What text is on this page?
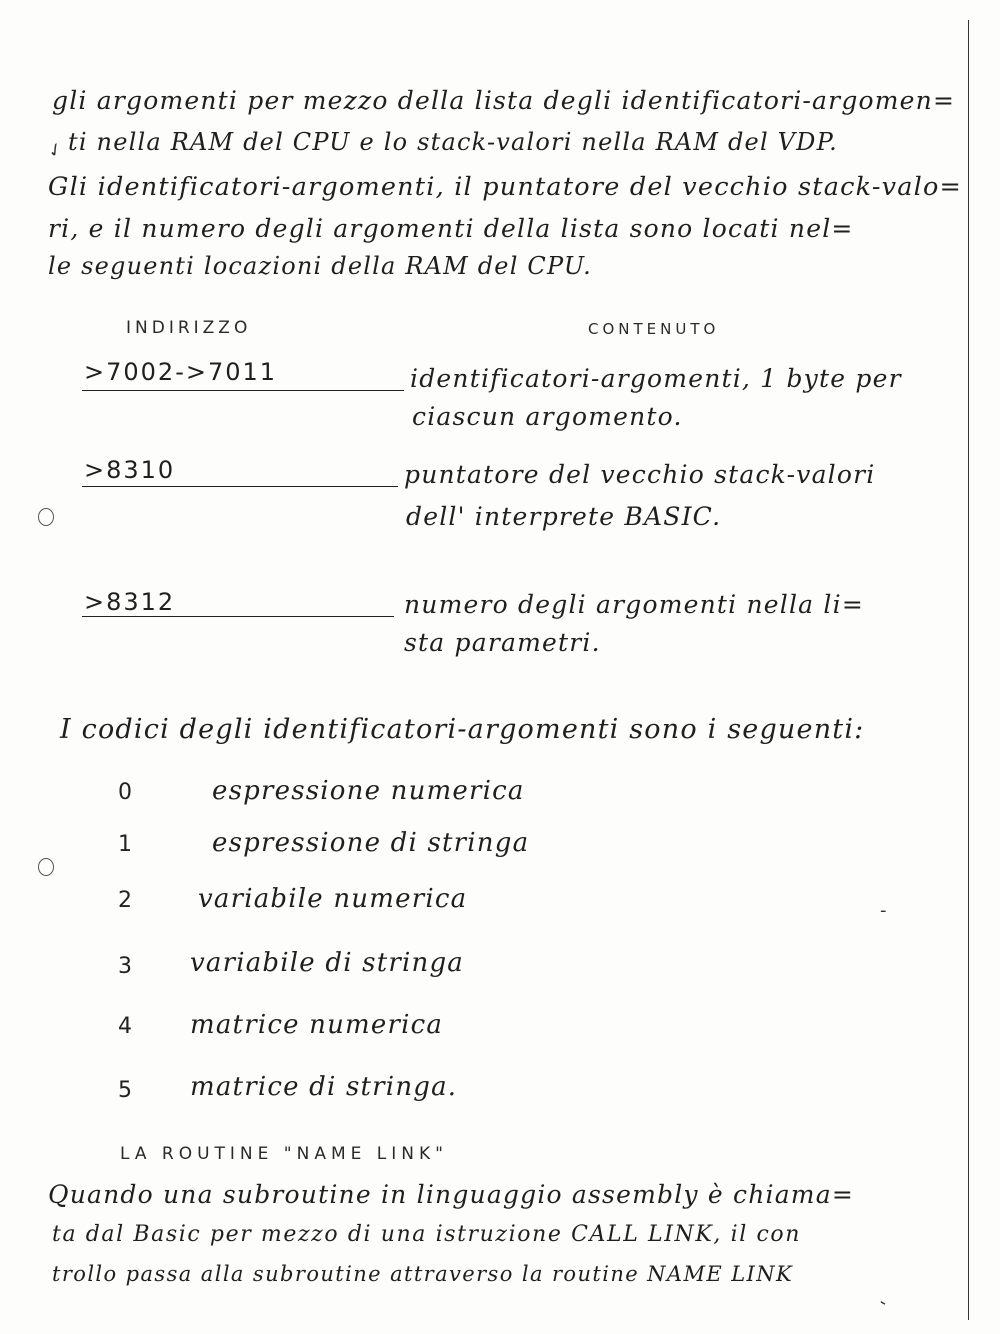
gli argomenti per mezzo della lista degli identificatori-argomen=
ti nella RAM del CPU e lo stack-valori nella RAM del VDP.
Gli identificatori-argomenti, il puntatore del vecchio stack-valo=
ri, e il numero degli argomenti della lista sono locati nel=
le seguenti locazioni della RAM del CPU.
INDIRIZZO	CONTENUTO
>7002->7011	identificatori-argomenti, 1 byte per
ciascun argomento.
>8310	puntatore del vecchio stack-valori
dell' interprete BASIC.
>8312	numero degli argomenti nella li=
sta parametri.
I codici degli identificatori-argomenti sono i seguenti:
0	espressione numerica
1	espressione di stringa
2	variabile numerica
3 variabile di stringa
4 matrice numerica
5 matrice di stringa.
LA ROUTINE "NAME LINK"
Quando una subroutine in linguaggio assembly è chiama=
ta dal Basic per mezzo di una istruzione CALL LINK, il con
trollo passa alla subroutine attraverso la routine NAME LINK
✓
-
-
